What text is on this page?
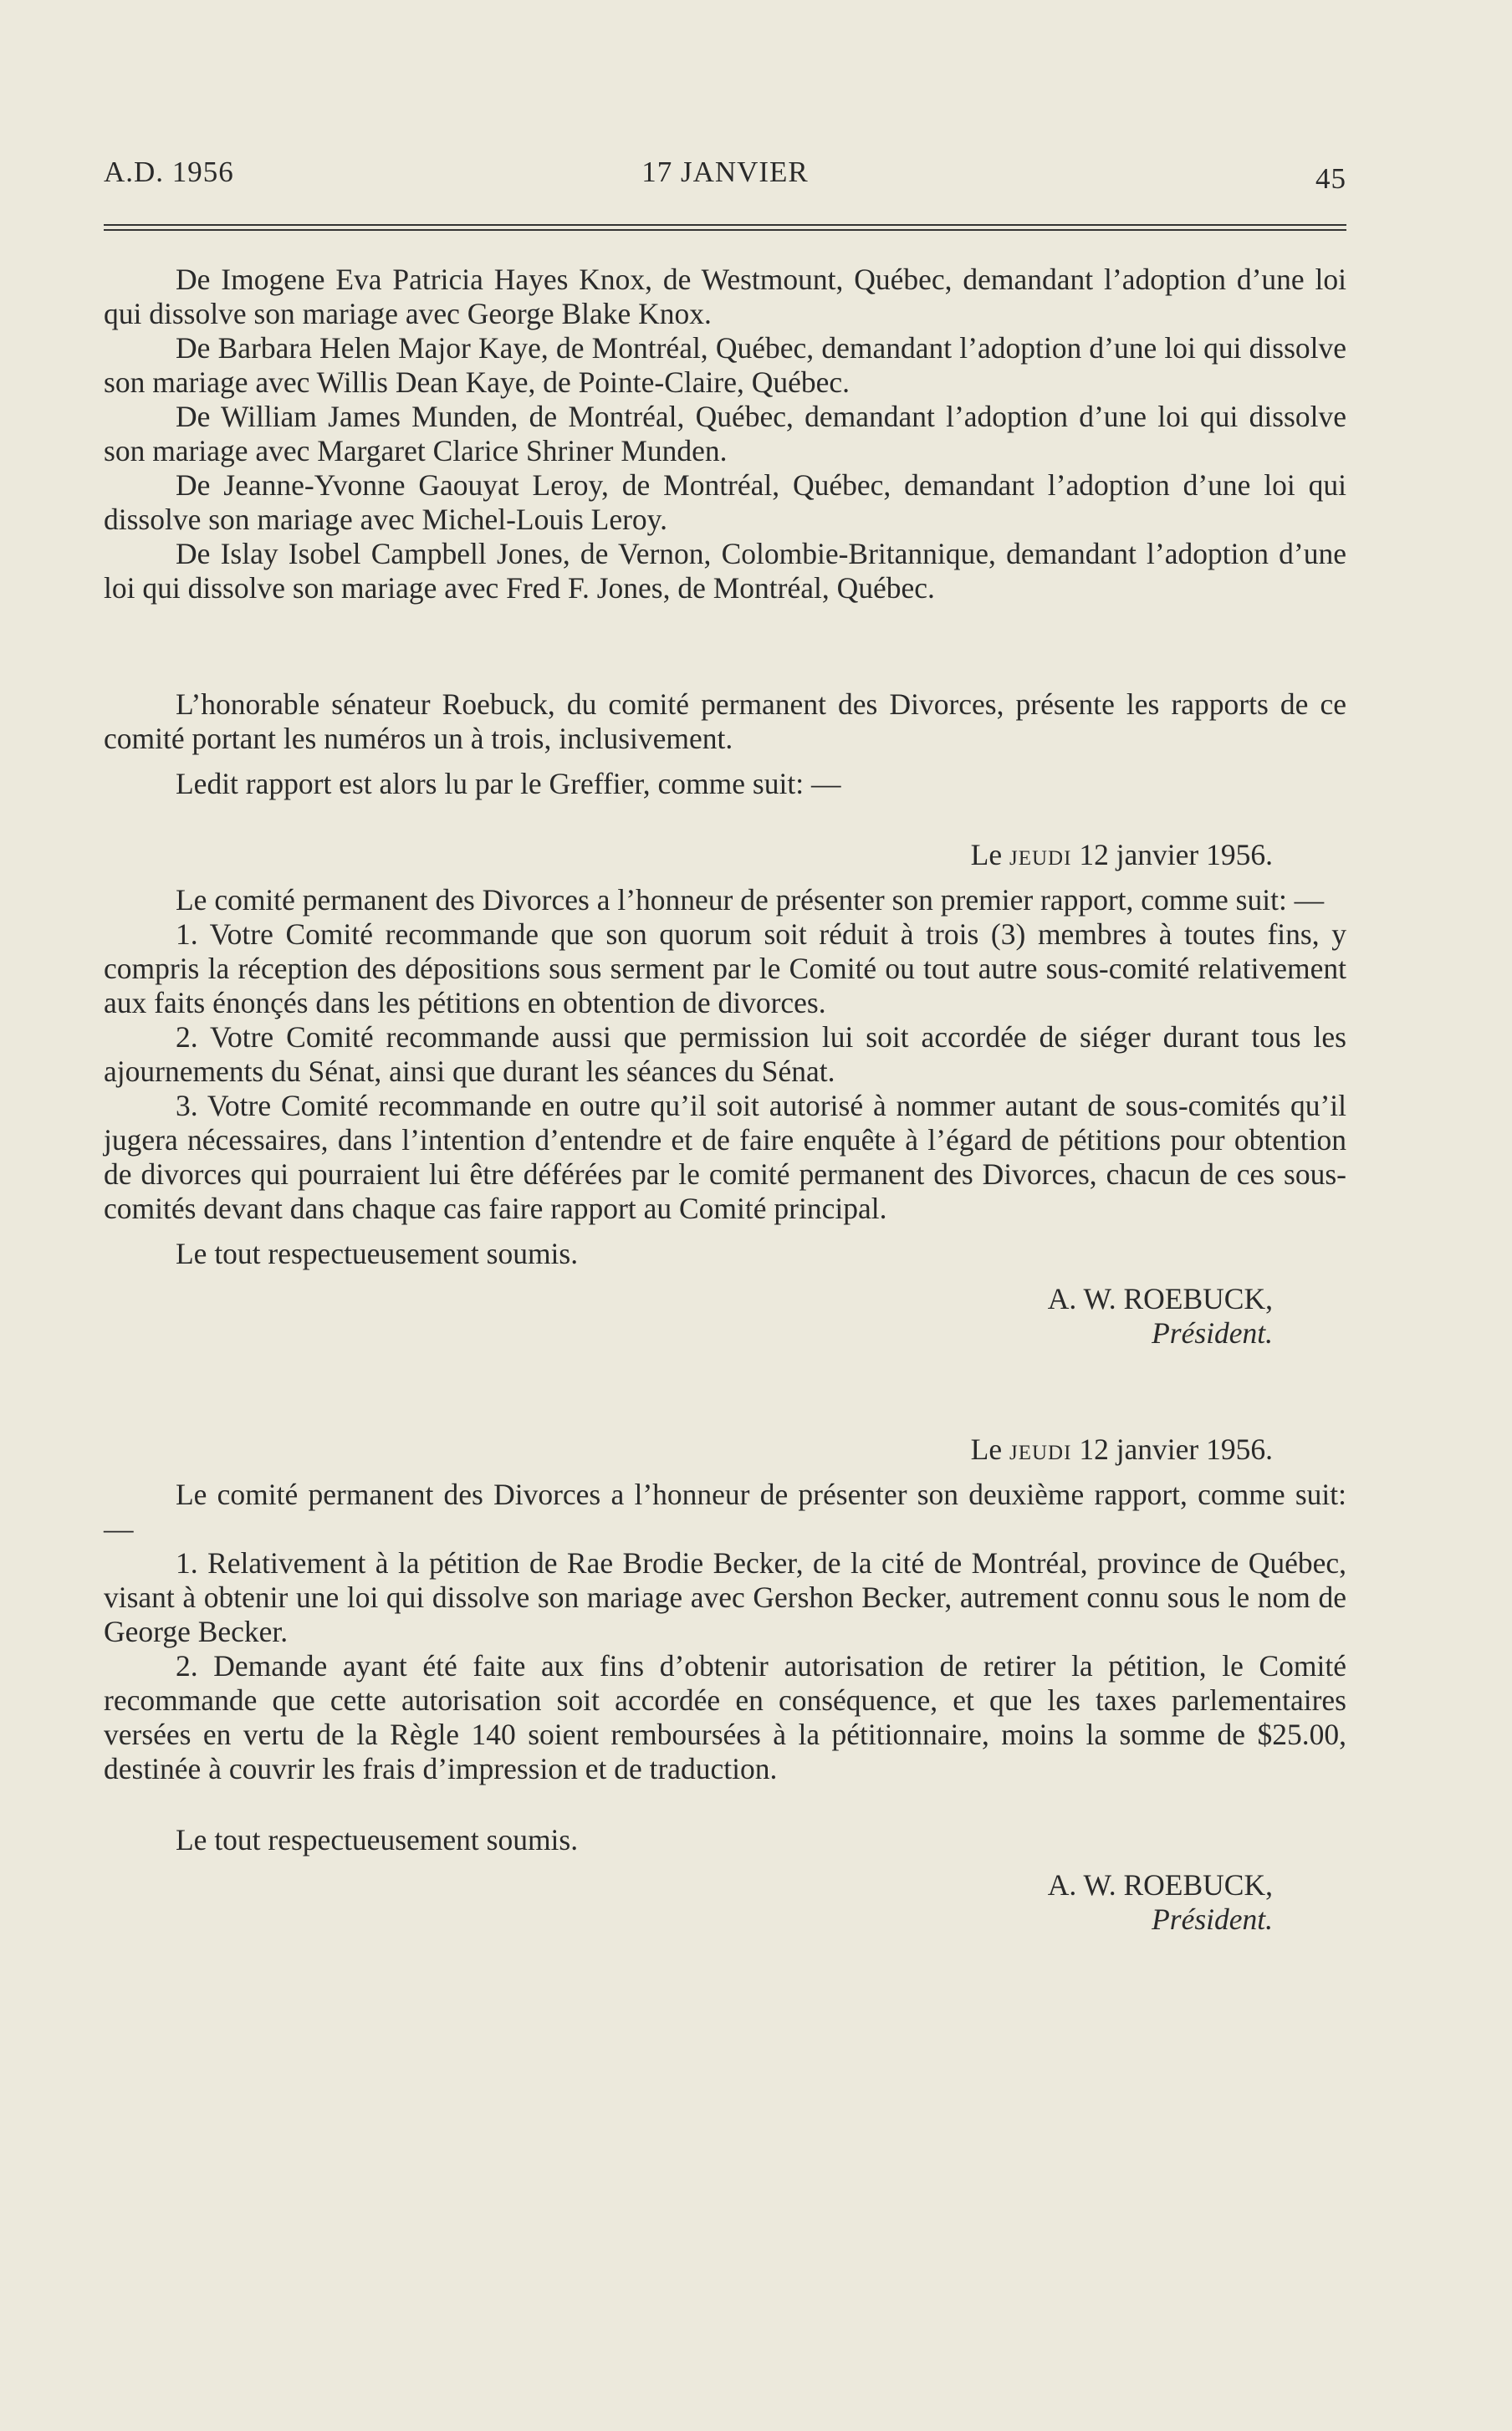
A.D. 1956	17 JANVIER	45

De Imogene Eva Patricia Hayes Knox, de Westmount, Québec, demandant l’adoption d’une loi qui dissolve son mariage avec George Blake Knox.

De Barbara Helen Major Kaye, de Montréal, Québec, demandant l’adoption d’une loi qui dissolve son mariage avec Willis Dean Kaye, de Pointe-Claire, Québec.

De William James Munden, de Montréal, Québec, demandant l’adoption d’une loi qui dissolve son mariage avec Margaret Clarice Shriner Munden.

De Jeanne-Yvonne Gaouyat Leroy, de Montréal, Québec, demandant l’adoption d’une loi qui dissolve son mariage avec Michel-Louis Leroy.

De Islay Isobel Campbell Jones, de Vernon, Colombie-Britannique, demandant l’adoption d’une loi qui dissolve son mariage avec Fred F. Jones, de Montréal, Québec.

L’honorable sénateur Roebuck, du comité permanent des Divorces, présente les rapports de ce comité portant les numéros un à trois, inclusivement.

Ledit rapport est alors lu par le Greffier, comme suit: —

Le jeudi 12 janvier 1956.

Le comité permanent des Divorces a l’honneur de présenter son premier rapport, comme suit: —

1. Votre Comité recommande que son quorum soit réduit à trois (3) membres à toutes fins, y compris la réception des dépositions sous serment par le Comité ou tout autre sous-comité relativement aux faits énonçés dans les pétitions en obtention de divorces.

2. Votre Comité recommande aussi que permission lui soit accordée de siéger durant tous les ajournements du Sénat, ainsi que durant les séances du Sénat.

3. Votre Comité recommande en outre qu’il soit autorisé à nommer autant de sous-comités qu’il jugera nécessaires, dans l’intention d’entendre et de faire enquête à l’égard de pétitions pour obtention de divorces qui pourraient lui être déférées par le comité permanent des Divorces, chacun de ces sous-comités devant dans chaque cas faire rapport au Comité principal.

Le tout respectueusement soumis.

A. W. ROEBUCK,

Président.

Le jeudi 12 janvier 1956.

Le comité permanent des Divorces a l’honneur de présenter son deuxième rapport, comme suit: —

1. Relativement à la pétition de Rae Brodie Becker, de la cité de Montréal, province de Québec, visant à obtenir une loi qui dissolve son mariage avec Gershon Becker, autrement connu sous le nom de George Becker.

2. Demande ayant été faite aux fins d’obtenir autorisation de retirer la pétition, le Comité recommande que cette autorisation soit accordée en conséquence, et que les taxes parlementaires versées en vertu de la Règle 140 soient remboursées à la pétitionnaire, moins la somme de $25.00, destinée à couvrir les frais d’impression et de traduction.

Le tout respectueusement soumis.

A. W. ROEBUCK,

Président.
